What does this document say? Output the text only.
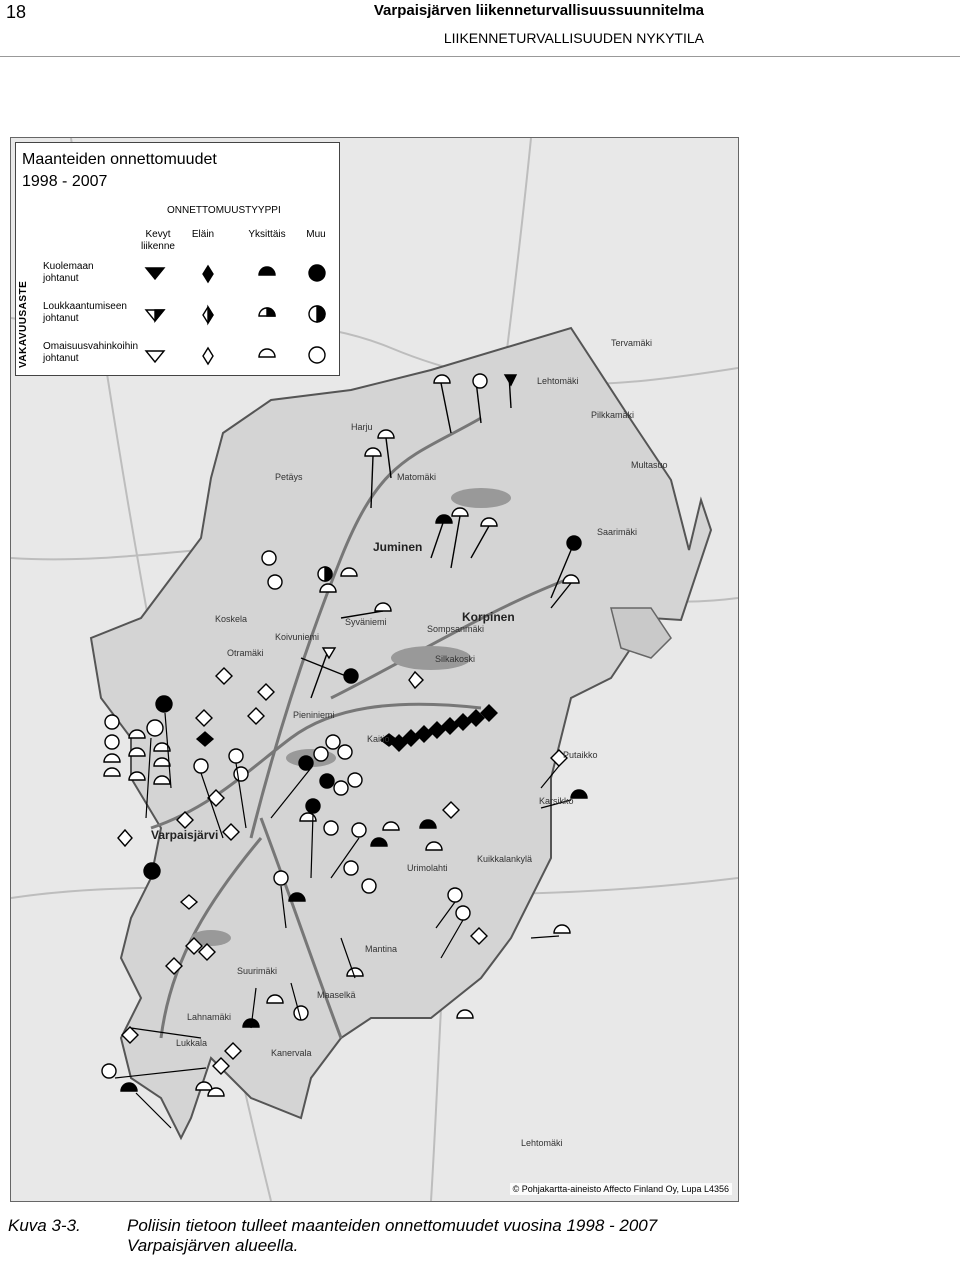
18	Varpaisjärven liikenneturvallisuussuunnitelma
LIIKENNETURVALLISUUDEN NYKYTILA
Varpaisjärvi
Juminen
Korpinen
Sompsanmäki
Silkakoski
Otramäki
Syväniemi
Koivuniemi
Lahnamäki
Lukkala
Kanervala
Maaselkä
Mantina
Suurimäki
Lehtomäki
Kuikkalankylä
Urimolahti
Putaikko
Karsikko
Multasuo
Saarimäki
Petäys
Harju
Matomäki
Pilkkamäki
Tervamäki
Pieniniemi
Kaitio
Koskela
Lehtomäki
Maanteiden onnettomuudet
1998 - 2007
ONNETTOMUUSTYYPPI
Kevyt liikenne
Eläin	Yksittäis	Muu
Kuolemaan johtanut
Loukkaantumiseen johtanut
Omaisuusvahinkoihin johtanut
VAKAVUUSASTE
© Pohjakartta-aineisto Affecto Finland Oy, Lupa L4356
Kuva 3-3.	Poliisin tietoon tulleet maanteiden onnettomuudet vuosina 1998 - 2007 Varpaisjärven alueella.
